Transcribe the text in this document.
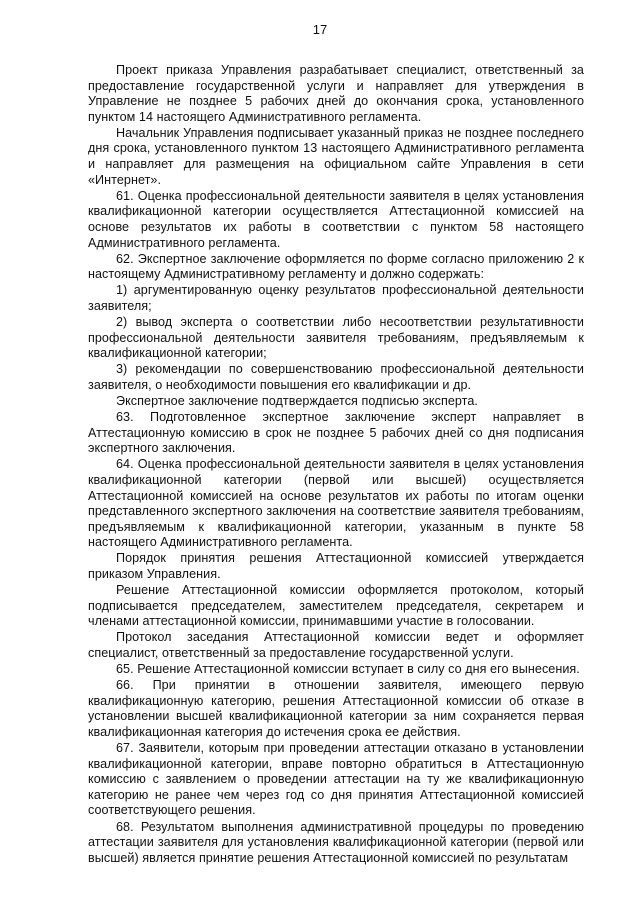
17

Проект приказа Управления разрабатывает специалист, ответственный за предоставление государственной услуги и направляет для утверждения в Управление не позднее 5 рабочих дней до окончания срока, установленного пунктом 14 настоящего Административного регламента.

Начальник Управления подписывает указанный приказ не позднее последнего дня срока, установленного пунктом 13 настоящего Административного регламента и направляет для размещения на официальном сайте Управления в сети «Интернет».

61. Оценка профессиональной деятельности заявителя в целях установления квалификационной категории осуществляется Аттестационной комиссией на основе результатов их работы в соответствии с пунктом 58 настоящего Административного регламента.

62. Экспертное заключение оформляется по форме согласно приложению 2 к настоящему Административному регламенту и должно содержать:

1) аргументированную оценку результатов профессиональной деятельности заявителя;

2) вывод эксперта о соответствии либо несоответствии результативности профессиональной деятельности заявителя требованиям, предъявляемым к квалификационной категории;

3) рекомендации по совершенствованию профессиональной деятельности заявителя, о необходимости повышения его квалификации и др.

Экспертное заключение подтверждается подписью эксперта.

63. Подготовленное экспертное заключение эксперт направляет в Аттестационную комиссию в срок не позднее 5 рабочих дней со дня подписания экспертного заключения.

64. Оценка профессиональной деятельности заявителя в целях установления квалификационной категории (первой или высшей) осуществляется Аттестационной комиссией на основе результатов их работы по итогам оценки представленного экспертного заключения на соответствие заявителя требованиям, предъявляемым к квалификационной категории, указанным в пункте 58 настоящего Административного регламента.

Порядок принятия решения Аттестационной комиссией утверждается приказом Управления.

Решение Аттестационной комиссии оформляется протоколом, который подписывается председателем, заместителем председателя, секретарем и членами аттестационной комиссии, принимавшими участие в голосовании.

Протокол заседания Аттестационной комиссии ведет и оформляет специалист, ответственный за предоставление государственной услуги.

65. Решение Аттестационной комиссии вступает в силу со дня его вынесения.

66. При принятии в отношении заявителя, имеющего первую квалификационную категорию, решения Аттестационной комиссии об отказе в установлении высшей квалификационной категории за ним сохраняется первая квалификационная категория до истечения срока ее действия.

67. Заявители, которым при проведении аттестации отказано в установлении квалификационной категории, вправе повторно обратиться в Аттестационную комиссию с заявлением о проведении аттестации на ту же квалификационную категорию не ранее чем через год со дня принятия Аттестационной комиссией соответствующего решения.

68. Результатом выполнения административной процедуры по проведению аттестации заявителя для установления квалификационной категории (первой или высшей) является принятие решения Аттестационной комиссией по результатам
